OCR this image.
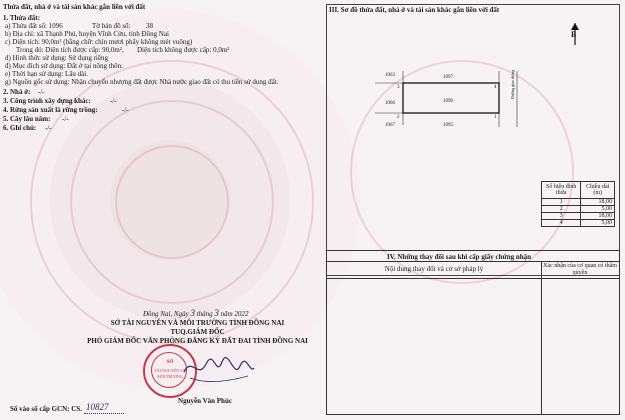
Thửa đất, nhà ở và tài sản khác gắn liền với đất
1. Thửa đất:
a) Thửa đất số: 1096	Tờ bản đồ số: 38
b) Địa chỉ: xã Thạnh Phú, huyện Vĩnh Cửu, tỉnh Đồng Nai
c) Diện tích: 90,0m² (bằng chữ: chín mươi phẩy không mét vuông)
Trong đó: Diện tích được cấp: 90,0m², Diện tích không được cấp: 0,0m²
d) Hình thức sử dụng: Sử dụng riêng
đ) Mục đích sử dụng: Đất ở tại nông thôn.
e) Thời hạn sử dụng: Lâu dài.
g) Nguồn gốc sử dụng: Nhận chuyển nhượng đất được Nhà nước giao đất có thu tiền sử dụng đất.
2. Nhà ở: -/-
3. Công trình xây dựng khác:	-/-
4. Rừng sản xuất là rừng trồng:	-/-
5. Cây lâu năm: -/-
6. Ghi chú: -/-
Đồng Nai, Ngày 3 tháng 3 năm 2022
SỞ TÀI NGUYÊN VÀ MÔI TRƯỜNG TỈNH ĐỒNG NAI
TUQ.GIÁM ĐỐC
PHÓ GIÁM ĐỐC VĂN PHÒNG ĐĂNG KÝ ĐẤT ĐAI TỈNH ĐỒNG NAI
SỞ
TÀI NGUYÊN VÀ
MÔI TRƯỜNG
Nguyễn Văn Phúc
Số vào sổ cấp GCN: CS. 10827
III. Sơ đồ thửa đất, nhà ở và tài sản khác gắn liền với đất
B
1063	1097
1066	1096
1067	1095
3	4
2	1
Đường giao thông
Số hiệu đỉnh thửa	Chiều dài (m)
1	18,00
2	5,00
3	18,00
4	5,00
IV. Những thay đổi sau khi cấp giấy chứng nhận
Nội dung thay đổi và cơ sở pháp lý	Xác nhận của cơ quan có thẩm quyền
